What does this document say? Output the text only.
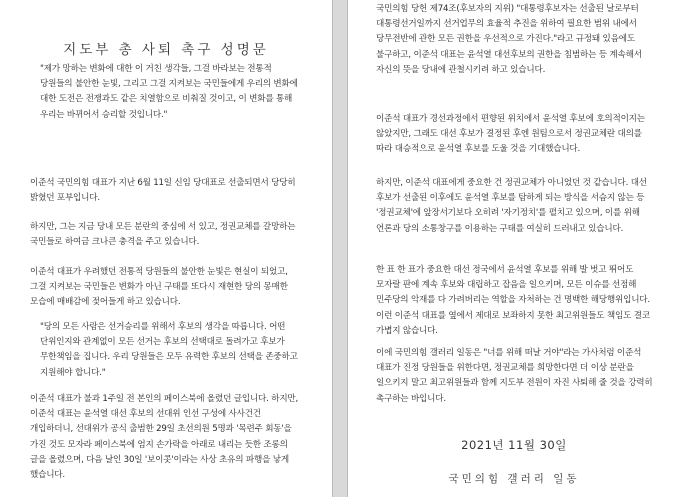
지도부 총 사퇴 촉구 성명문

"제가 망하는 변화에 대한 이 거친 생각들, 그걸 바라보는 전통적 당원들의 불안한 눈빛, 그리고 그걸 지켜보는 국민들에게 우리의 변화에 대한 도전은 전쟁과도 같은 치열함으로 비춰질 것이고, 이 변화를 통해 우리는 바뀌어서 승리할 것입니다."

이준석 국민의힘 대표가 지난 6월 11일 신임 당대표로 선출되면서 당당히 밝혔던 포부입니다.

하지만, 그는 지금 당내 모든 분란의 중심에 서 있고, 정권교체를 갈망하는 국민들로 하여금 크나큰 충격을 주고 있습니다.

이준석 대표가 우려했던 전통적 당원들의 불안한 눈빛은 현실이 되었고, 그걸 지켜보는 국민들은 변화가 아닌 구태를 또다시 재현한 당의 몽매한 모습에 매배감에 젖어들게 하고 있습니다.

"당의 모든 사람은 선거승리를 위해서 후보의 생각을 따릅니다. 어떤 단위인지와 관계없이 모든 선거는 후보의 선택대로 돌려가고 후보가 무한책임을 집니다. 우리 당원들은 모두 유력한 후보의 선택을 존중하고 지원해야 합니다."

이준석 대표가 불과 1주일 전 본인의 페이스북에 올렸던 글입니다. 하지만, 이준석 대표는 윤석열 대선 후보의 선대위 인선 구성에 사사건건 개입하더니, 선대위가 공식 출범한 29일 초선의원 5명과 '목련주 회동'을 가진 것도 모자라 페이스북에 엄지 손가락을 아래로 내리는 듯한 조롱의 글을 올렸으며, 다음 날인 30일 '보이콧'이라는 사상 초유의 파행을 낳게 했습니다.

국민의힘 당헌 제74조(후보자의 지위) "대통령후보자는 선출된 날로부터 대통령선거일까지 선거업무의 효율적 추진을 위하여 필요한 범위 내에서 당무전반에 관한 모든 권한을 우선적으로 가진다."라고 규정돼 있음에도 불구하고, 이준석 대표는 윤석열 대선후보의 권한을 침범하는 등 계속해서 자신의 뜻을 당내에 관철시키려 하고 있습니다.

이준석 대표가 경선과정에서 편향된 위치에서 윤석열 후보에 호의적이지는 않았지만, 그래도 대선 후보가 결정된 후엔 원팀으로서 정권교체란 대의를 따라 대승적으로 윤석열 후보를 도울 것을 기대했습니다.

하지만, 이준석 대표에게 중요한 건 정권교체가 아니었던 것 같습니다. 대선 후보가 선출된 이후에도 윤석열 후보를 탐하게 되는 방식을 서슴지 않는 등 '정권교체'에 앞장서기보다 오히려 '자기정치'를 펼치고 있으며, 이를 위해 언론과 당의 소통창구를 이용하는 구태를 여실히 드러내고 있습니다.

한 표 한 표가 중요한 대선 정국에서 윤석열 후보를 위해 발 벗고 뛰어도 모자랄 판에 계속 후보와 대립하고 잡음을 일으키며, 모든 이슈를 선점해 민주당의 악재를 다 가려버리는 역할을 자처하는 건 명백한 해당행위입니다. 이런 이준석 대표를 옆에서 제대로 보좌하지 못한 최고위원들도 책임도 결코 가볍지 않습니다.

이에 국민의힘 갤러리 일동은 "너를 위해 떠날 거야"라는 가사처럼 이준석 대표가 진정 당원들을 위한다면, 정권교체를 희망한다면 더 이상 분란을 일으키지 말고 최고위원들과 함께 지도부 전원이 자진 사퇴해 줄 것을 강력히 촉구하는 바입니다.

2021년 11월 30일
국민의힘 갤러리 일동
